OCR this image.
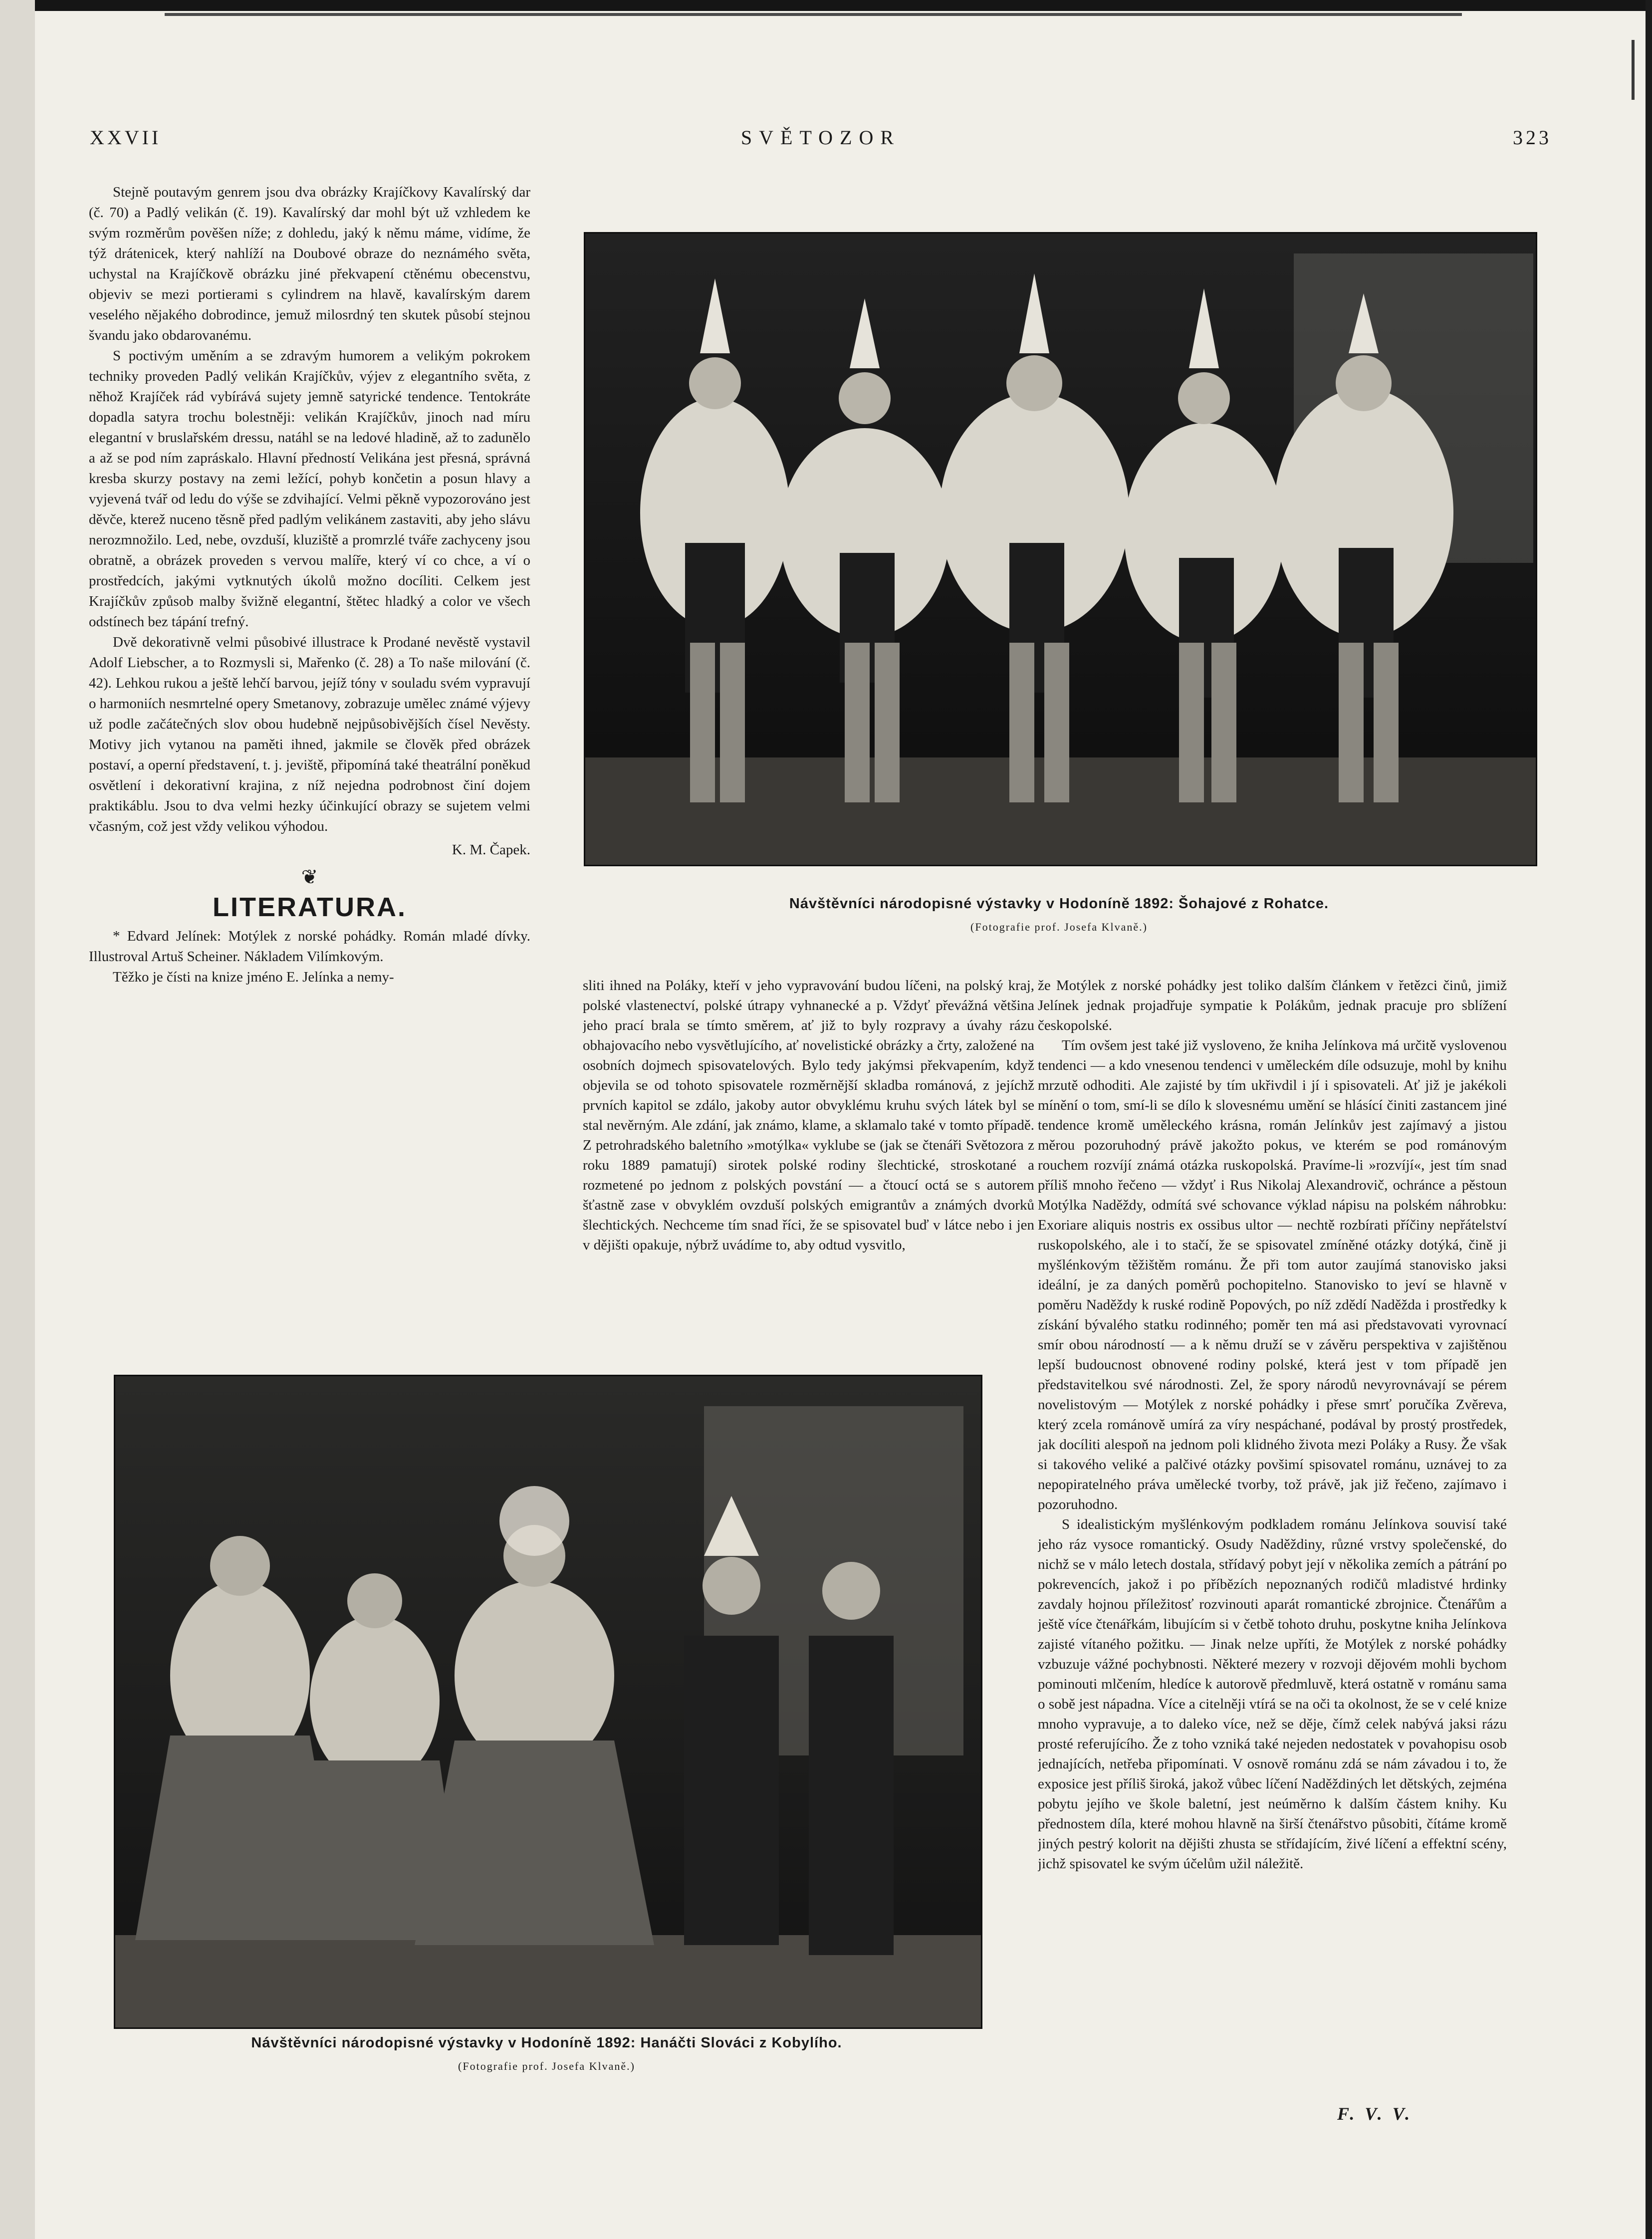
XXVII	SVĚTOZOR	323

Stejně poutavým genrem jsou dva obrázky Krajíčkovy Kavalírský dar (č. 70) a Padlý velikán (č. 19). Kavalírský dar mohl být už vzhledem ke svým rozměrům pověšen níže; z dohledu, jaký k němu máme, vidíme, že týž drátenicek, který nahlíží na Doubové obraze do neznámého světa, uchystal na Krajíčkově obrázku jiné překvapení ctěnému obecenstvu, objeviv se mezi portierami s cylindrem na hlavě, kavalírským darem veselého nějakého dobrodince, jemuž milosrdný ten skutek působí stejnou švandu jako obdarovanému.

S poctivým uměním a se zdravým humorem a velikým pokrokem techniky proveden Padlý velikán Krajíčkův, výjev z elegantního světa, z něhož Krajíček rád vybírává sujety jemně satyrické tendence. Tentokráte dopadla satyra trochu bolestněji: velikán Krajíčkův, jinoch nad míru elegantní v bruslařském dressu, natáhl se na ledové hladině, až to zadunělo a až se pod ním zapráskalo. Hlavní předností Velikána jest přesná, správná kresba skurzy postavy na zemi ležící, pohyb končetin a posun hlavy a vyjevená tvář od ledu do výše se zdvihající. Velmi pěkně vypozorováno jest děvče, kterež nuceno těsně před padlým velikánem zastaviti, aby jeho slávu nerozmnožilo. Led, nebe, ovzduší, kluziště a promrzlé tváře zachyceny jsou obratně, a obrázek proveden s vervou malíře, který ví co chce, a ví o prostředcích, jakými vytknutých úkolů možno docíliti. Celkem jest Krajíčkův způsob malby švižně elegantní, štětec hladký a color ve všech odstínech bez tápání trefný.

Dvě dekorativně velmi působivé illustrace k Prodané nevěstě vystavil Adolf Liebscher, a to Rozmysli si, Mařenko (č. 28) a To naše milování (č. 42). Lehkou rukou a ještě lehčí barvou, jejíž tóny v souladu svém vypravují o harmoniích nesmrtelné opery Smetanovy, zobrazuje umělec známé výjevy už podle začátečných slov obou hudebně nejpůsobivějších čísel Nevěsty. Motivy jich vytanou na paměti ihned, jakmile se člověk před obrázek postaví, a operní představení, t. j. jeviště, připomíná také theatrální poněkud osvětlení i dekorativní krajina, z níž nejedna podrobnost činí dojem praktikáblu. Jsou to dva velmi hezky účinkující obrazy se sujetem velmi včasným, což jest vždy velikou výhodou.

K. M. Čapek.
❦
LITERATURA.

* Edvard Jelínek: Motýlek z norské pohádky. Román mladé dívky. Illustroval Artuš Scheiner. Nákladem Vilímkovým.

Těžko je čísti na knize jméno E. Jelínka a nemy-

Návštěvníci národopisné výstavky v Hodoníně 1892: Šohajové z Rohatce.
(Fotografie prof. Josefa Klvaně.)

sliti ihned na Poláky, kteří v jeho vypravování budou líčeni, na polský kraj, polské vlastenectví, polské útrapy vyhnanecké a p. Vždyť převážná většina jeho prací brala se tímto směrem, ať již to byly rozpravy a úvahy rázu obhajovacího nebo vysvětlujícího, ať novelistické obrázky a črty, založené na osobních dojmech spisovatelových. Bylo tedy jakýmsi překvapením, když objevila se od tohoto spisovatele rozměrnější skladba románová, z jejíchž prvních kapitol se zdálo, jakoby autor obvyklému kruhu svých látek byl se stal nevěrným. Ale zdání, jak známo, klame, a sklamalo také v tomto případě. Z petrohradského baletního »motýlka« vyklube se (jak se čtenáři Světozora z roku 1889 pamatují) sirotek polské rodiny šlechtické, stroskotané a rozmetené po jednom z polských povstání — a čtoucí octá se s autorem šťastně zase v obvyklém ovzduší polských emigrantův a známých dvorků šlechtických. Nechceme tím snad říci, že se spisovatel buď v látce nebo i jen v dějišti opakuje, nýbrž uvádíme to, aby odtud vysvitlo,

že Motýlek z norské pohádky jest toliko dalším článkem v řetězci činů, jimiž Jelínek jednak projadřuje sympatie k Polákům, jednak pracuje pro sblížení českopolské.

Tím ovšem jest také již vysloveno, že kniha Jelínkova má určitě vyslovenou tendenci — a kdo vnesenou tendenci v uměleckém díle odsuzuje, mohl by knihu mrzutě odhoditi. Ale zajisté by tím ukřivdil i jí i spisovateli. Ať již je jakékoli mínění o tom, smí-li se dílo k slovesnému umění se hlásící činiti zastancem jiné tendence kromě uměleckého krásna, román Jelínkův jest zajímavý a jistou měrou pozoruhodný právě jakožto pokus, ve kterém se pod románovým rouchem rozvíjí známá otázka ruskopolská. Pravíme-li »rozvíjí«, jest tím snad příliš mnoho řečeno — vždyť i Rus Nikolaj Alexandrovič, ochránce a pěstoun Motýlka Naděždy, odmítá své schovance výklad nápisu na polském náhrobku: Exoriare aliquis nostris ex ossibus ultor — nechtě rozbírati příčiny nepřátelství ruskopolského, ale i to stačí, že se spisovatel zmíněné otázky dotýká, čině ji myšlénkovým těžištěm románu. Že při tom autor zaujímá stanovisko jaksi ideální, je za daných poměrů pochopitelno. Stanovisko to jeví se hlavně v poměru Naděždy k ruské rodině Popových, po níž zdědí Naděžda i prostředky k získání bývalého statku rodinného; poměr ten má asi představovati vyrovnací smír obou národností — a k němu druží se v závěru perspektiva v zajištěnou lepší budoucnost obnovené rodiny polské, která jest v tom případě jen představitelkou své národnosti. Zel, že spory národů nevyrovnávají se pérem novelistovým — Motýlek z norské pohádky i přese smrť poručíka Zvěreva, který zcela románově umírá za víry nespáchané, podával by prostý prostředek, jak docíliti alespoň na jednom poli klidného života mezi Poláky a Rusy. Že však si takového veliké a palčivé otázky povšimí spisovatel románu, uznávej to za nepopiratelného práva umělecké tvorby, tož právě, jak již řečeno, zajímavo i pozoruhodno.

S idealistickým myšlénkovým podkladem románu Jelínkova souvisí také jeho ráz vysoce romantický. Osudy Naděždiny, různé vrstvy společenské, do nichž se v málo letech dostala, střídavý pobyt její v několika zemích a pátrání po pokrevencích, jakož i po příbězích nepoznaných rodičů mladistvé hrdinky zavdaly hojnou příležitosť rozvinouti aparát romantické zbrojnice. Čtenářům a ještě více čtenářkám, libujícím si v četbě tohoto druhu, poskytne kniha Jelínkova zajisté vítaného požitku. — Jinak nelze upříti, že Motýlek z norské pohádky vzbuzuje vážné pochybnosti. Některé mezery v rozvoji dějovém mohli bychom pominouti mlčením, hledíce k autorově předmluvě, která ostatně v románu sama o sobě jest nápadna. Více a citelněji vtírá se na oči ta okolnost, že se v celé knize mnoho vypravuje, a to daleko více, než se děje, čímž celek nabývá jaksi rázu prosté referujícího. Že z toho vzniká také nejeden nedostatek v povahopisu osob jednajících, netřeba připomínati. V osnově románu zdá se nám závadou i to, že exposice jest příliš široká, jakož vůbec líčení Naděždiných let dětských, zejména pobytu jejího ve škole baletní, jest neúměrno k dalším částem knihy. Ku přednostem díla, které mohou hlavně na širší čtenářstvo působiti, čítáme kromě jiných pestrý kolorit na dějišti zhusta se střídajícím, živé líčení a effektní scény, jichž spisovatel ke svým účelům užil náležitě.

F. V. V.
Návštěvníci národopisné výstavky v Hodoníně 1892: Hanáčti Slováci z Kobylího.
(Fotografie prof. Josefa Klvaně.)
